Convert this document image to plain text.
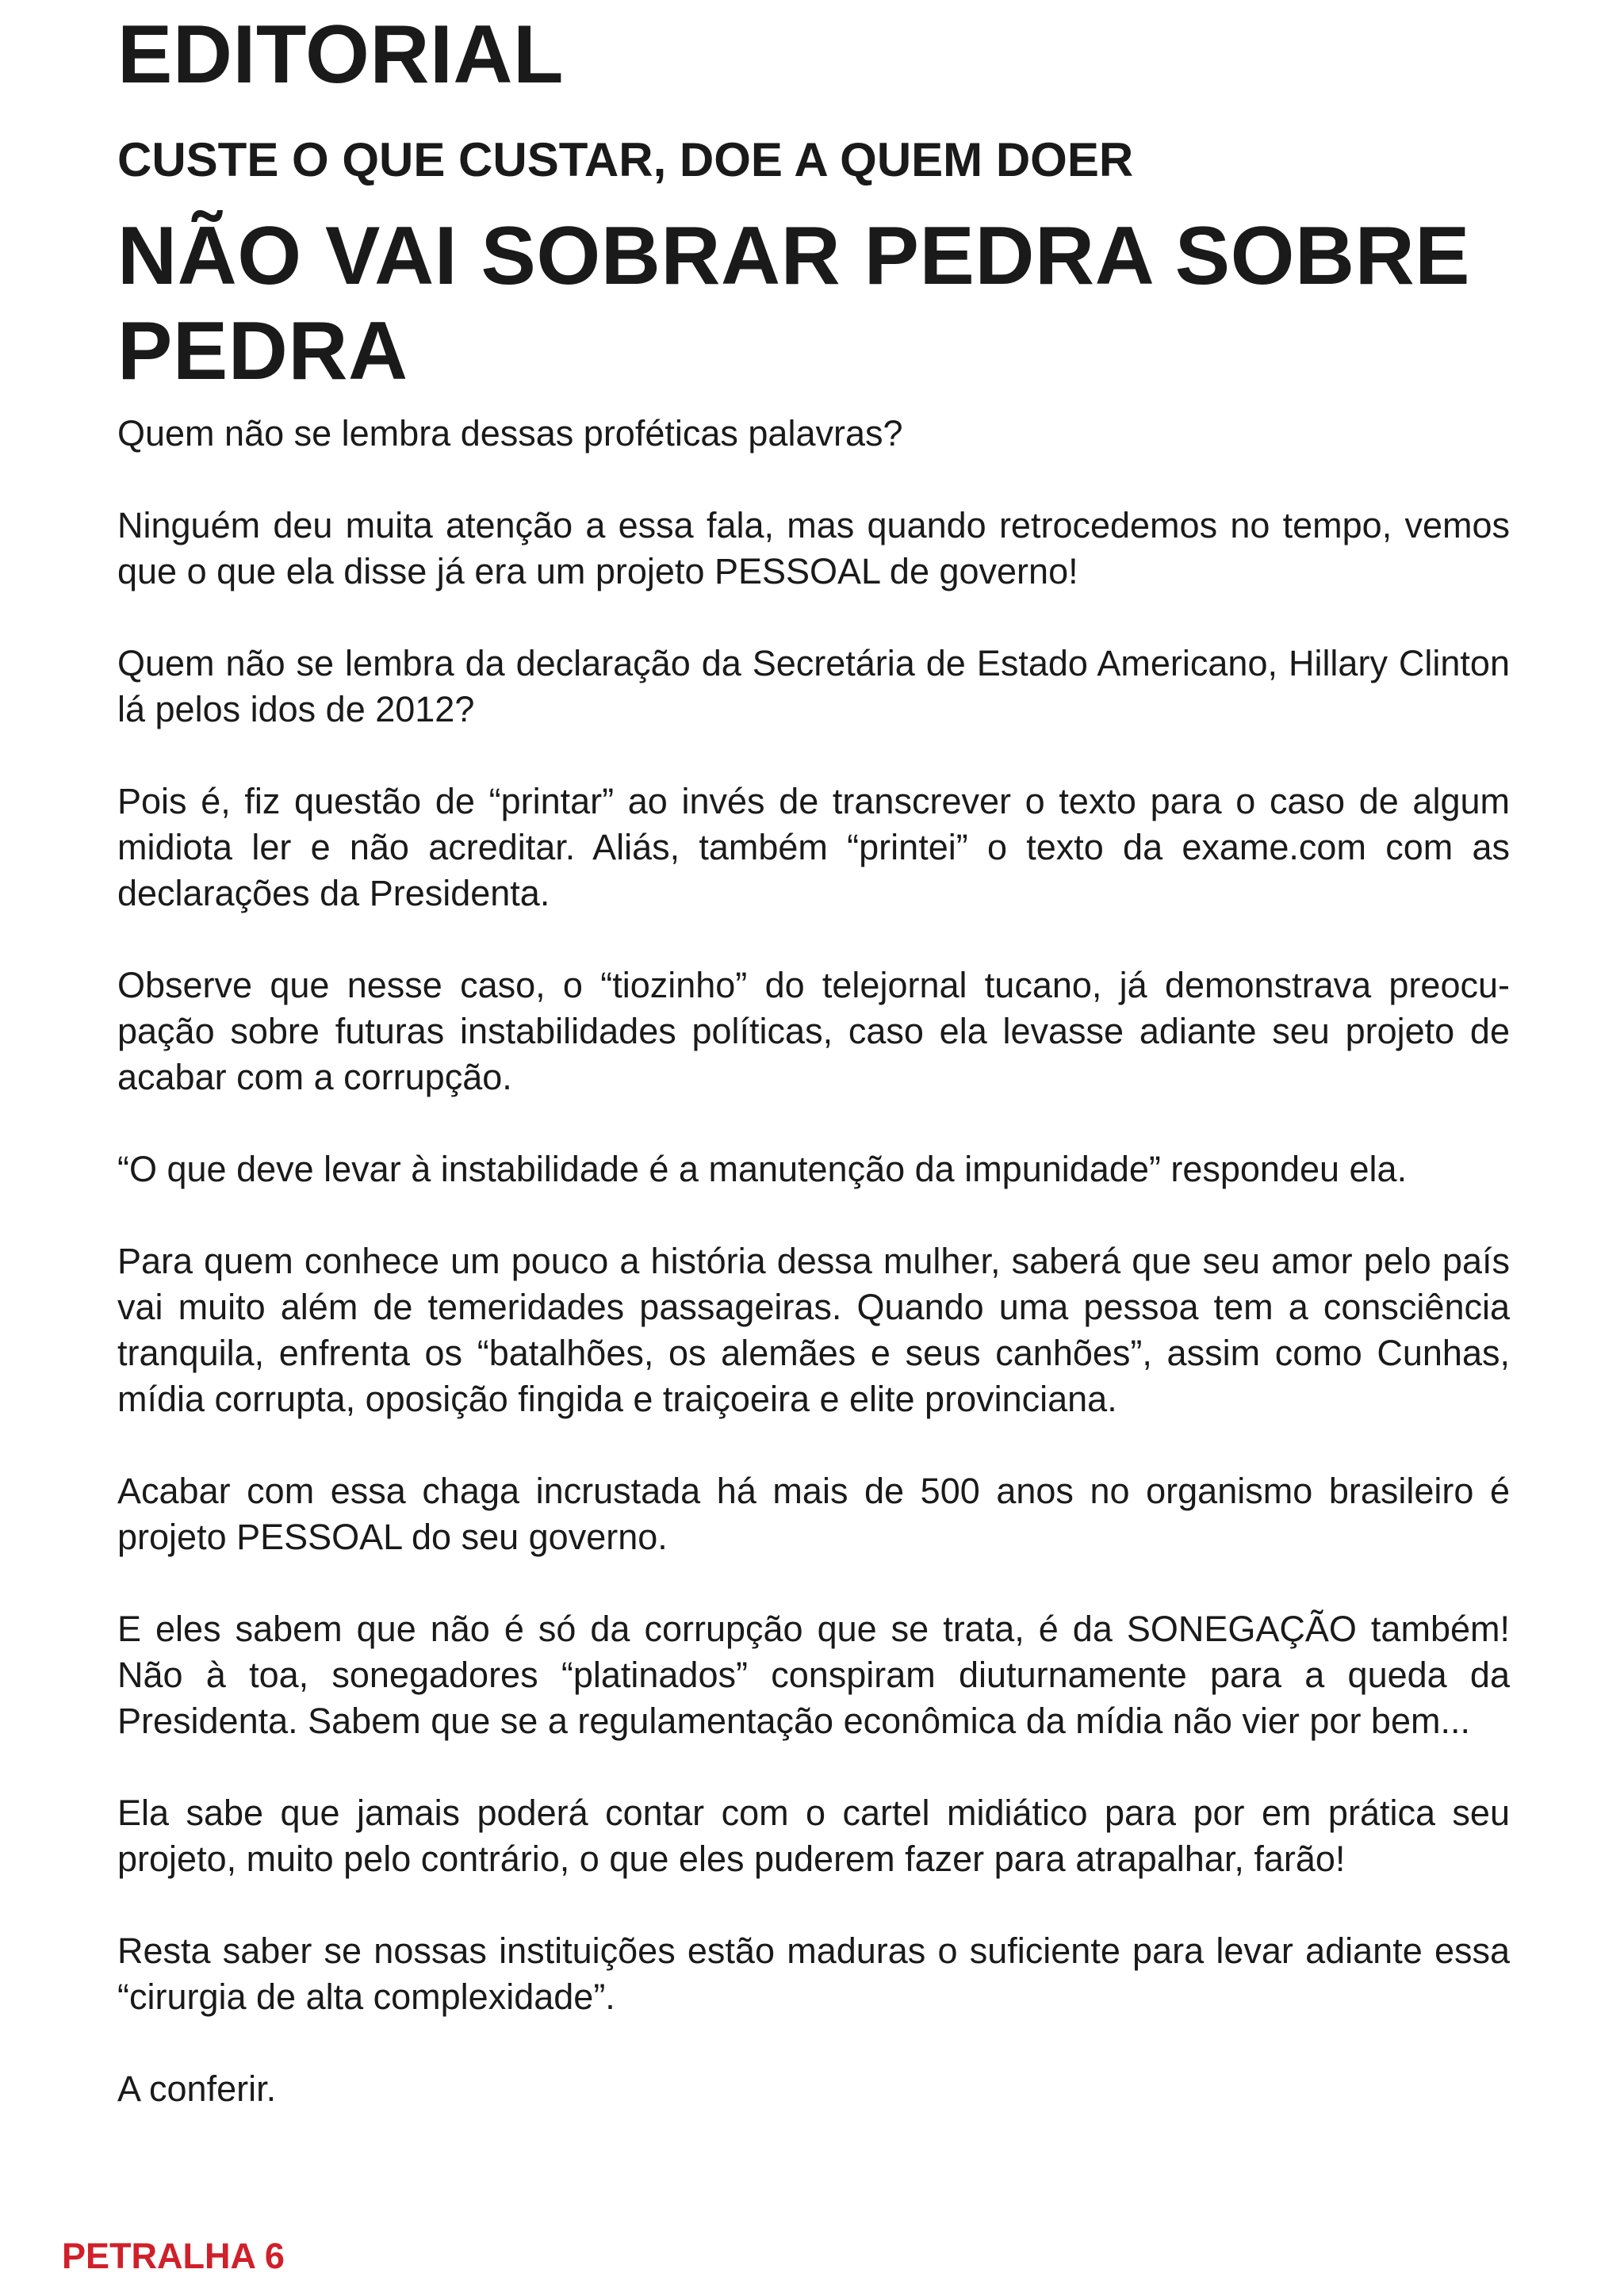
EDITORIAL
CUSTE O QUE CUSTAR, DOE A QUEM DOER
NÃO VAI SOBRAR PEDRA SOBRE PEDRA

Quem não se lembra dessas proféticas palavras?

Ninguém deu muita atenção a essa fala, mas quando retrocedemos no tempo, vemos que o que ela disse já era um projeto PESSOAL de governo!

Quem não se lembra da declaração da Secretária de Estado Americano, Hillary Clinton lá pelos idos de 2012?

Pois é, fiz questão de “printar” ao invés de transcrever o texto para o caso de algum midiota ler e não acreditar. Aliás, também “printei” o texto da exame.com com as declarações da Presidenta.

Observe que nesse caso, o “tiozinho” do telejornal tucano, já demonstrava preocupação sobre futuras instabilidades políticas, caso ela levasse adiante seu projeto de acabar com a corrupção.

“O que deve levar à instabilidade é a manutenção da impunidade” respondeu ela.

Para quem conhece um pouco a história dessa mulher, saberá que seu amor pelo país vai muito além de temeridades passageiras. Quando uma pessoa tem a consciência tranquila, enfrenta os “batalhões, os alemães e seus canhões”, assim como Cunhas, mídia corrupta, oposição fingida e traiçoeira e elite provinciana.

Acabar com essa chaga incrustada há mais de 500 anos no organismo brasileiro é projeto PESSOAL do seu governo.

E eles sabem que não é só da corrupção que se trata, é da SONEGAÇÃO também! Não à toa, sonegadores “platinados” conspiram diuturnamente para a queda da Presidenta. Sabem que se a regulamentação econômica da mídia não vier por bem...

Ela sabe que jamais poderá contar com o cartel midiático para por em prática seu projeto, muito pelo contrário, o que eles puderem fazer para atrapalhar, farão!

Resta saber se nossas instituições estão maduras o suficiente para levar adiante essa “cirurgia de alta complexidade”.

A conferir.

PETRALHA 6
